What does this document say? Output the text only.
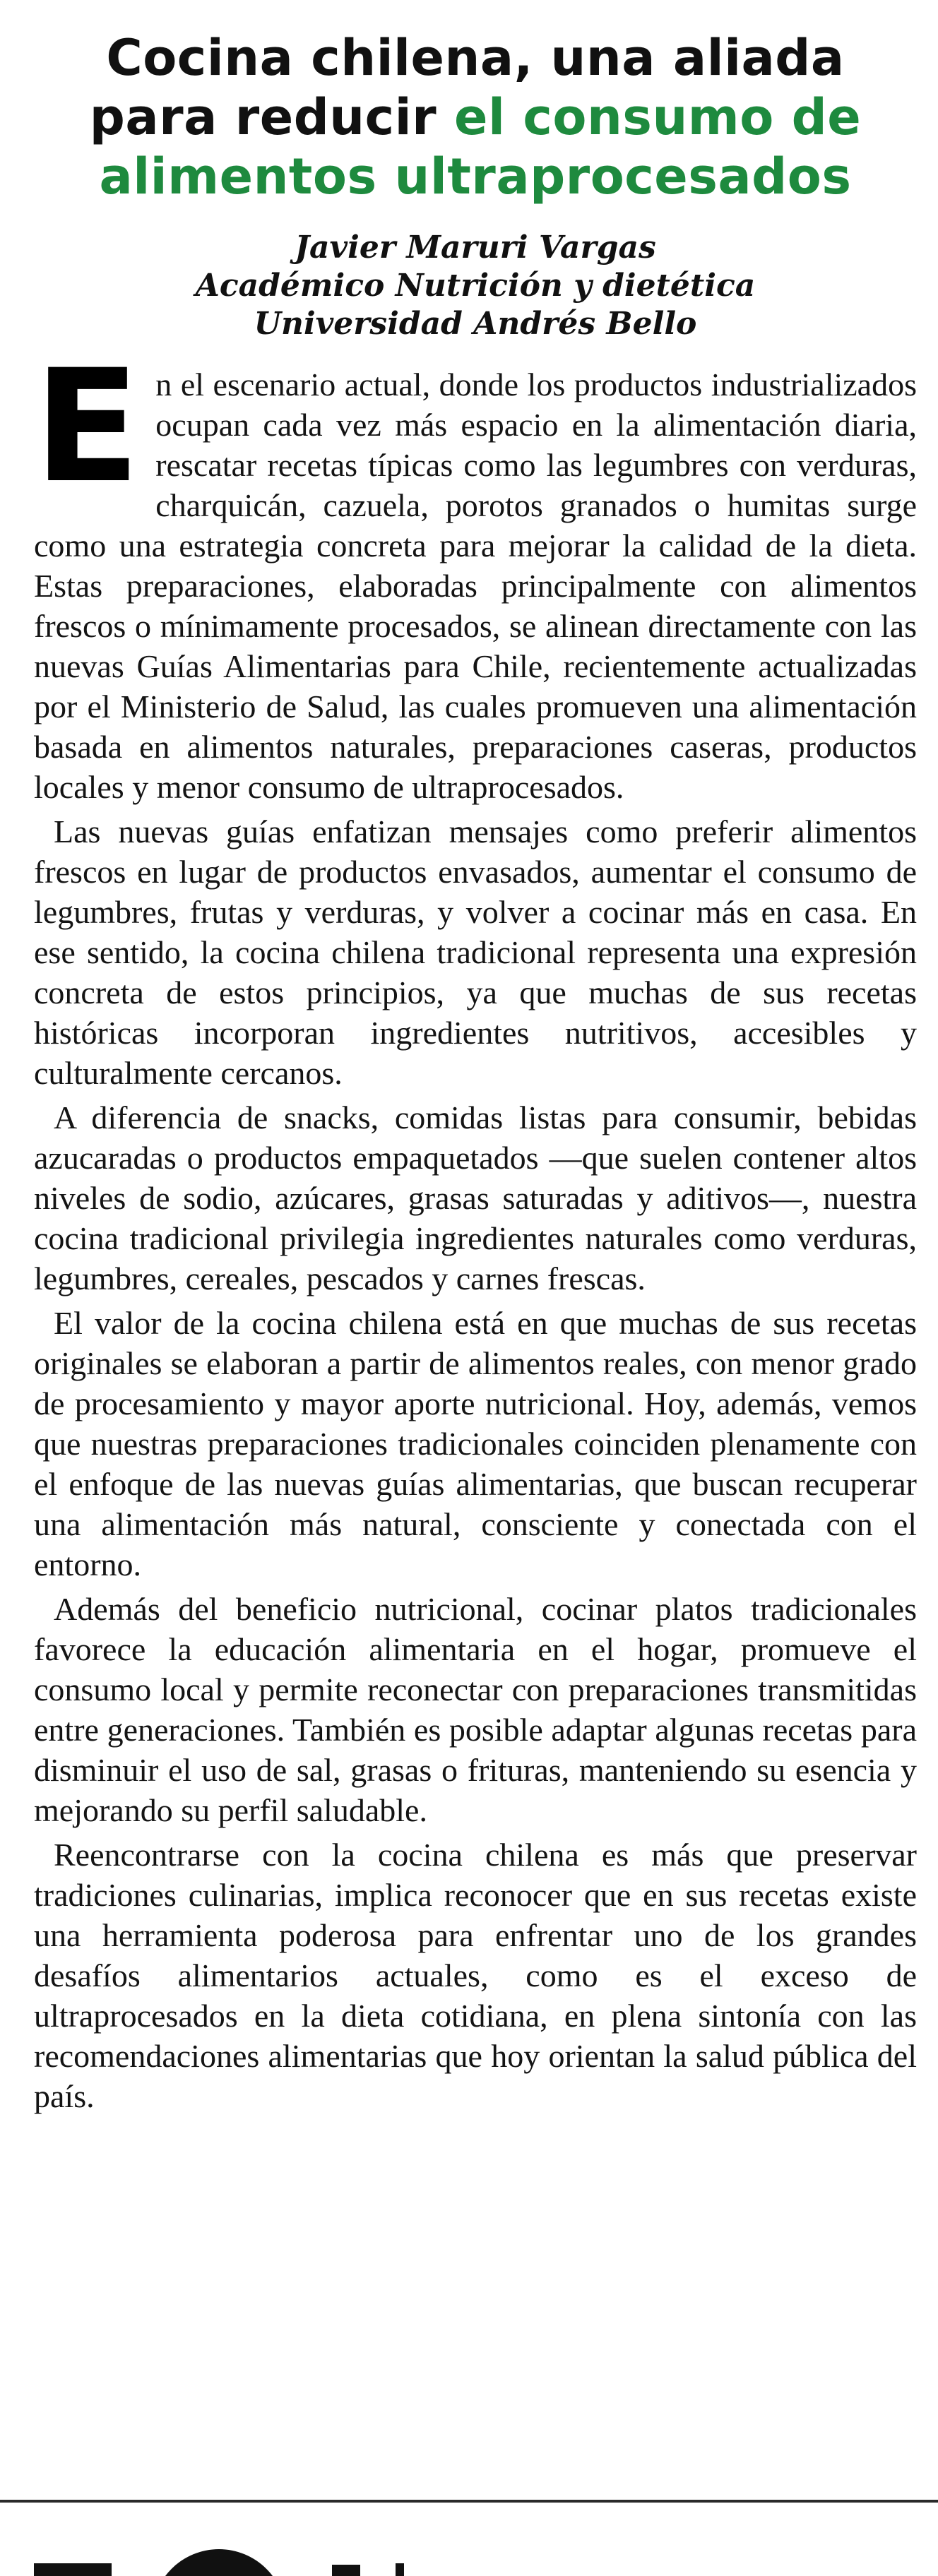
Cocina chilena, una aliada para reducir el consumo de alimentos ultraprocesados
Javier Maruri Vargas
Académico Nutrición y dietética
Universidad Andrés Bello

En el escenario actual, donde los productos industrializados ocupan cada vez más espacio en la alimentación diaria, rescatar recetas típicas como las legumbres con verduras, charquicán, cazuela, porotos granados o humitas surge como una estrategia concreta para mejorar la calidad de la dieta. Estas preparaciones, elaboradas principalmente con alimentos frescos o mínimamente procesados, se alinean directamente con las nuevas Guías Alimentarias para Chile, recientemente actualizadas por el Ministerio de Salud, las cuales promueven una alimentación basada en alimentos naturales, preparaciones caseras, productos locales y menor consumo de ultraprocesados.

Las nuevas guías enfatizan mensajes como preferir alimentos frescos en lugar de productos envasados, aumentar el consumo de legumbres, frutas y verduras, y volver a cocinar más en casa. En ese sentido, la cocina chilena tradicional representa una expresión concreta de estos principios, ya que muchas de sus recetas históricas incorporan ingredientes nutritivos, accesibles y culturalmente cercanos.

A diferencia de snacks, comidas listas para consumir, bebidas azucaradas o productos empaquetados —que suelen contener altos niveles de sodio, azúcares, grasas saturadas y aditivos—, nuestra cocina tradicional privilegia ingredientes naturales como verduras, legumbres, cereales, pescados y carnes frescas.

El valor de la cocina chilena está en que muchas de sus recetas originales se elaboran a partir de alimentos reales, con menor grado de procesamiento y mayor aporte nutricional. Hoy, además, vemos que nuestras preparaciones tradicionales coinciden plenamente con el enfoque de las nuevas guías alimentarias, que buscan recuperar una alimentación más natural, consciente y conectada con el entorno.

Además del beneficio nutricional, cocinar platos tradicionales favorece la educación alimentaria en el hogar, promueve el consumo local y permite reconectar con preparaciones transmitidas entre generaciones. También es posible adaptar algunas recetas para disminuir el uso de sal, grasas o frituras, manteniendo su esencia y mejorando su perfil saludable.

Reencontrarse con la cocina chilena es más que preservar tradiciones culinarias, implica reconocer que en sus recetas existe una herramienta poderosa para enfrentar uno de los grandes desafíos alimentarios actuales, como es el exceso de ultraprocesados en la dieta cotidiana, en plena sintonía con las recomendaciones alimentarias que hoy orientan la salud pública del país.
